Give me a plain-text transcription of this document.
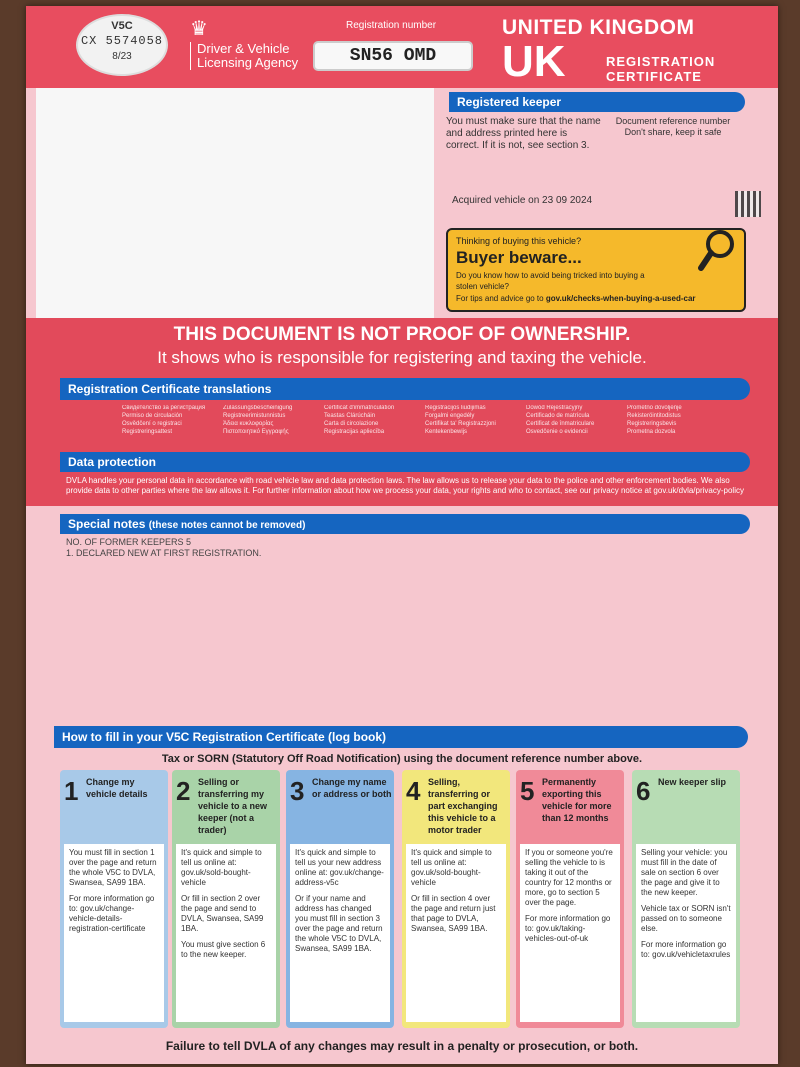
V5C
CX 5574058
8/23
♛
Driver & Vehicle Licensing Agency
Registration number
SN56 OMD
UNITED KINGDOM
UK	REGISTRATION CERTIFICATE
Registered keeper
You must make sure that the name and address printed here is correct. If it is not, see section 3.
Document reference number Don't share, keep it safe
Acquired vehicle on 23 09 2024
Thinking of buying this vehicle?
Buyer beware...
Do you know how to avoid being tricked into buying a stolen vehicle?
For tips and advice go to gov.uk/checks-when-buying-a-used-car
THIS DOCUMENT IS NOT PROOF OF OWNERSHIP.
It shows who is responsible for registering and taxing the vehicle.
Registration Certificate translations
Свидетелство за регистрация	Zulassungsbescheinigung	Certificat d'immatriculation	Registracijos liudijimas	Dowód Rejestracyjny	Prometno dovoljenje
Permiso de circulación	Registreerimistunnistus	Teastas Clárúcháin	Forgalmi engedély	Certificado de matrícula	Rekisteröintitodistus
Osvědčení o registraci	Άδεια κυκλοφορίας	Carta di circolazione	Certifikat ta' Registrazzjoni	Certificat de înmatriculare	Registreringsbevis
Registreringsattest	Πιστοποιητικό Εγγραφής	Registracijas apliecība	Kentekenbewijs	Osvedčenie o evidencii	Prometna dozvola
Data protection
DVLA handles your personal data in accordance with road vehicle law and data protection laws. The law allows us to release your data to the police and other enforcement bodies. We also provide data to other parties where the law allows it. For further information about how we process your data, your rights and who to contact, see our privacy notice at gov.uk/dvla/privacy-policy
Special notes (these notes cannot be removed)
NO. OF FORMER KEEPERS 5
1. DECLARED NEW AT FIRST REGISTRATION.
How to fill in your V5C Registration Certificate (log book)
Tax or SORN (Statutory Off Road Notification) using the document reference number above.
1 Change my vehicle details

You must fill in section 1 over the page and return the whole V5C to DVLA, Swansea, SA99 1BA.

For more information go to: gov.uk/change-vehicle-details-registration-certificate

2 Selling or transferring my vehicle to a new keeper (not a trader)

It's quick and simple to tell us online at: gov.uk/sold-bought-vehicle

Or fill in section 2 over the page and send to DVLA, Swansea, SA99 1BA.

You must give section 6 to the new keeper.

3 Change my name or address or both

It's quick and simple to tell us your new address online at: gov.uk/change-address-v5c

Or if your name and address has changed you must fill in section 3 over the page and return the whole V5C to DVLA, Swansea, SA99 1BA.

4 Selling, transferring or part exchanging this vehicle to a motor trader

It's quick and simple to tell us online at: gov.uk/sold-bought-vehicle

Or fill in section 4 over the page and return just that page to DVLA, Swansea, SA99 1BA.

5 Permanently exporting this vehicle for more than 12 months

If you or someone you're selling the vehicle to is taking it out of the country for 12 months or more, go to section 5 over the page.

For more information go to: gov.uk/taking-vehicles-out-of-uk

6 New keeper slip

Selling your vehicle: you must fill in the date of sale on section 6 over the page and give it to the new keeper.

Vehicle tax or SORN isn't passed on to someone else.

For more information go to: gov.uk/vehicletaxrules

Failure to tell DVLA of any changes may result in a penalty or prosecution, or both.
